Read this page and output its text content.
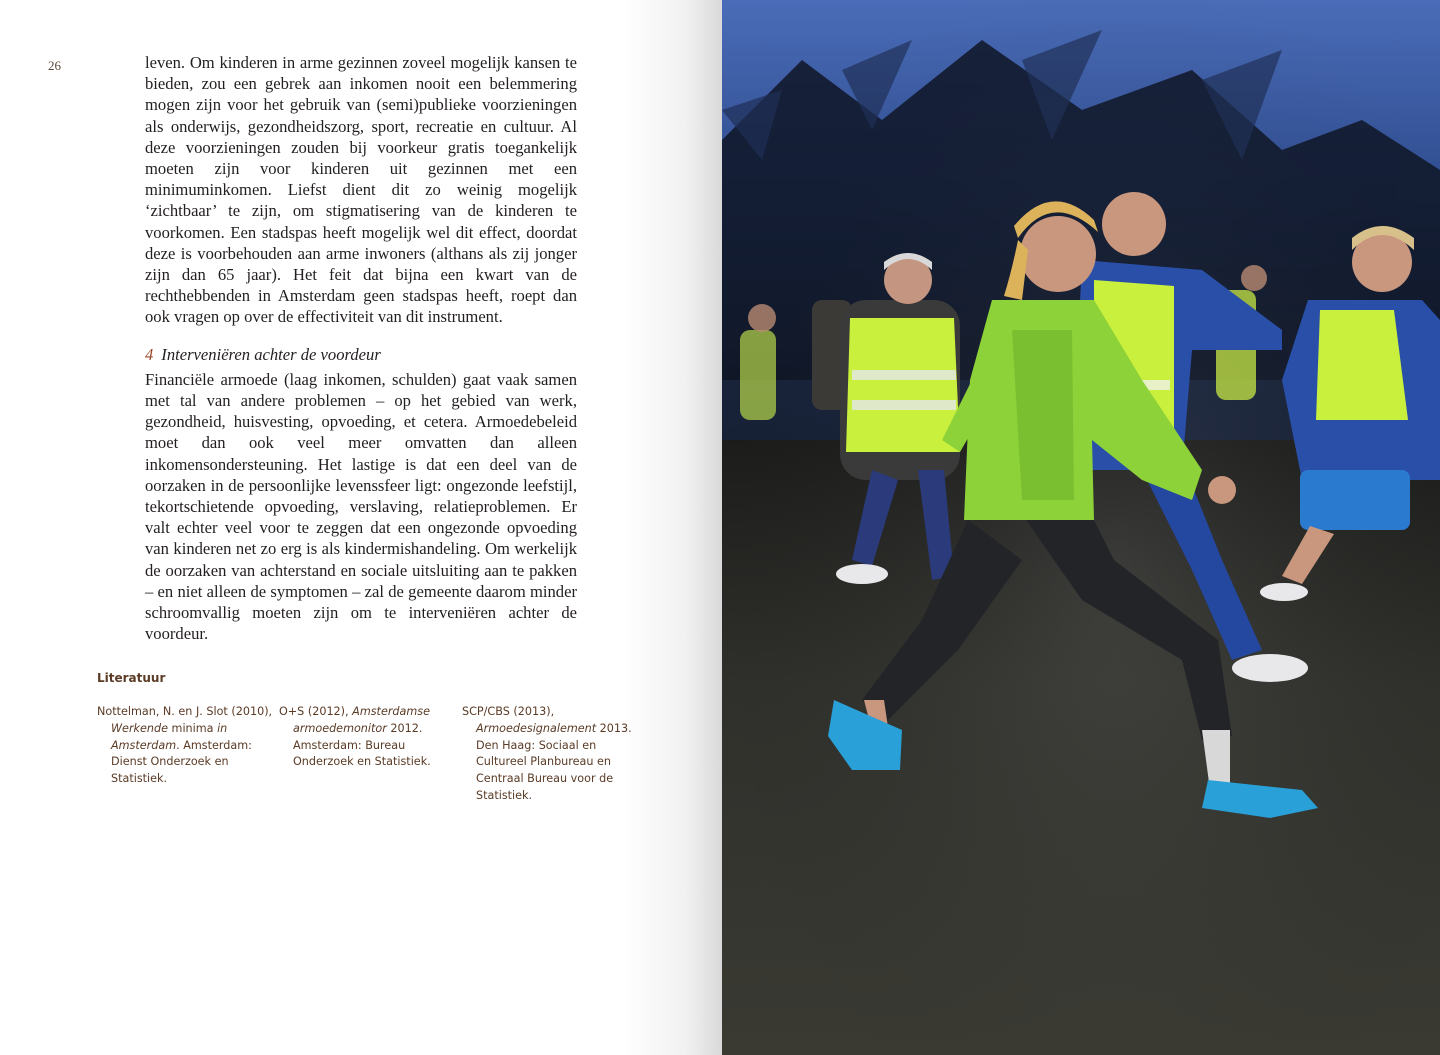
26	leven. Om kinderen in arme gezinnen zoveel mogelijk kansen te bieden, zou een gebrek aan inkomen nooit een belemmering mogen zijn voor het gebruik van (semi)publieke voorzieningen als onderwijs, gezondheidszorg, sport, recreatie en cultuur. Al deze voorzieningen zouden bij voorkeur gratis toegankelijk moeten zijn voor kinderen uit gezinnen met een minimuminkomen. Liefst dient dit zo weinig mogelijk ‘zichtbaar’ te zijn, om stigmatisering van de kinderen te voorkomen. Een stadspas heeft mogelijk wel dit effect, doordat deze is voorbehouden aan arme inwoners (althans als zij jonger zijn dan 65 jaar). Het feit dat bijna een kwart van de rechthebbenden in Amsterdam geen stadspas heeft, roept dan ook vragen op over de effectiviteit van dit instrument.

4 Interveniëren achter de voordeur

Financiële armoede (laag inkomen, schulden) gaat vaak samen met tal van andere problemen – op het gebied van werk, gezondheid, huisvesting, opvoeding, et cetera. Armoedebeleid moet dan ook veel meer omvatten dan alleen inkomensondersteuning. Het lastige is dat een deel van de oorzaken in de persoonlijke levenssfeer ligt: ongezonde leefstijl, tekortschietende opvoeding, verslaving, relatieproblemen. Er valt echter veel voor te zeggen dat een ongezonde opvoeding van kinderen net zo erg is als kindermishandeling. Om werkelijk de oorzaken van achterstand en sociale uitsluiting aan te pakken – en niet alleen de symptomen – zal de gemeente daarom minder schroomvallig moeten zijn om te interveniëren achter de voordeur.

Literatuur
Nottelman, N. en J. Slot (2010), Werkende minima in Amsterdam. Amsterdam: Dienst Onderzoek en Statistiek.
O+S (2012), Amsterdamse armoedemonitor 2012. Amsterdam: Bureau Onderzoek en Statistiek.
SCP/CBS (2013), Armoedesignalement 2013. Den Haag: Sociaal en Cultureel Planbureau en Centraal Bureau voor de Statistiek.
